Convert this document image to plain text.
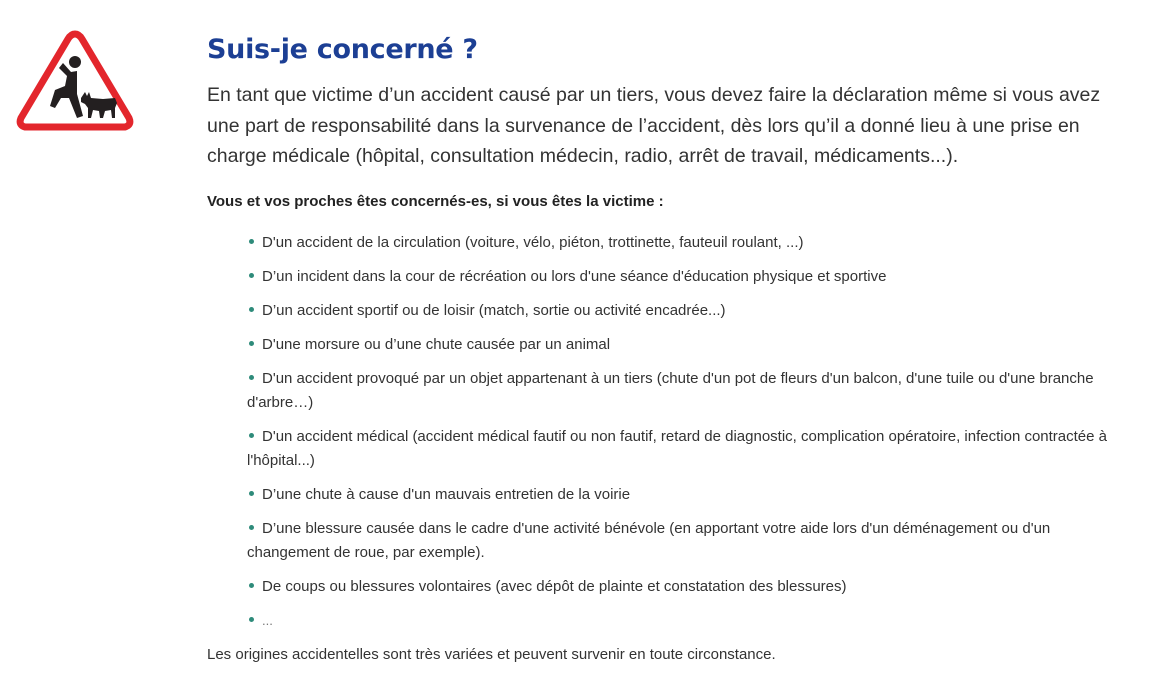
Suis-je concerné ?

En tant que victime d’un accident causé par un tiers, vous devez faire la déclaration même si vous avez une part de responsabilité dans la survenance de l’accident, dès lors qu’il a donné lieu à une prise en charge médicale (hôpital, consultation médecin, radio, arrêt de travail, médicaments...).

Vous et vos proches êtes concernés-es, si vous êtes la victime :

D'un accident de la circulation (voiture, vélo, piéton, trottinette, fauteuil roulant, ...)
D’un incident dans la cour de récréation ou lors d'une séance d'éducation physique et sportive
D’un accident sportif ou de loisir (match, sortie ou activité encadrée...)
D'une morsure ou d’une chute causée par un animal
D'un accident provoqué par un objet appartenant à un tiers (chute d'un pot de fleurs d'un balcon, d'une tuile ou d'une branche d'arbre…)
D'un accident médical (accident médical fautif ou non fautif, retard de diagnostic, complication opératoire, infection contractée à l'hôpital...)
D’une chute à cause d'un mauvais entretien de la voirie
D’une blessure causée dans le cadre d'une activité bénévole (en apportant votre aide lors d'un déménagement ou d'un changement de roue, par exemple).
De coups ou blessures volontaires (avec dépôt de plainte et constatation des blessures)
...

Les origines accidentelles sont très variées et peuvent survenir en toute circonstance.
